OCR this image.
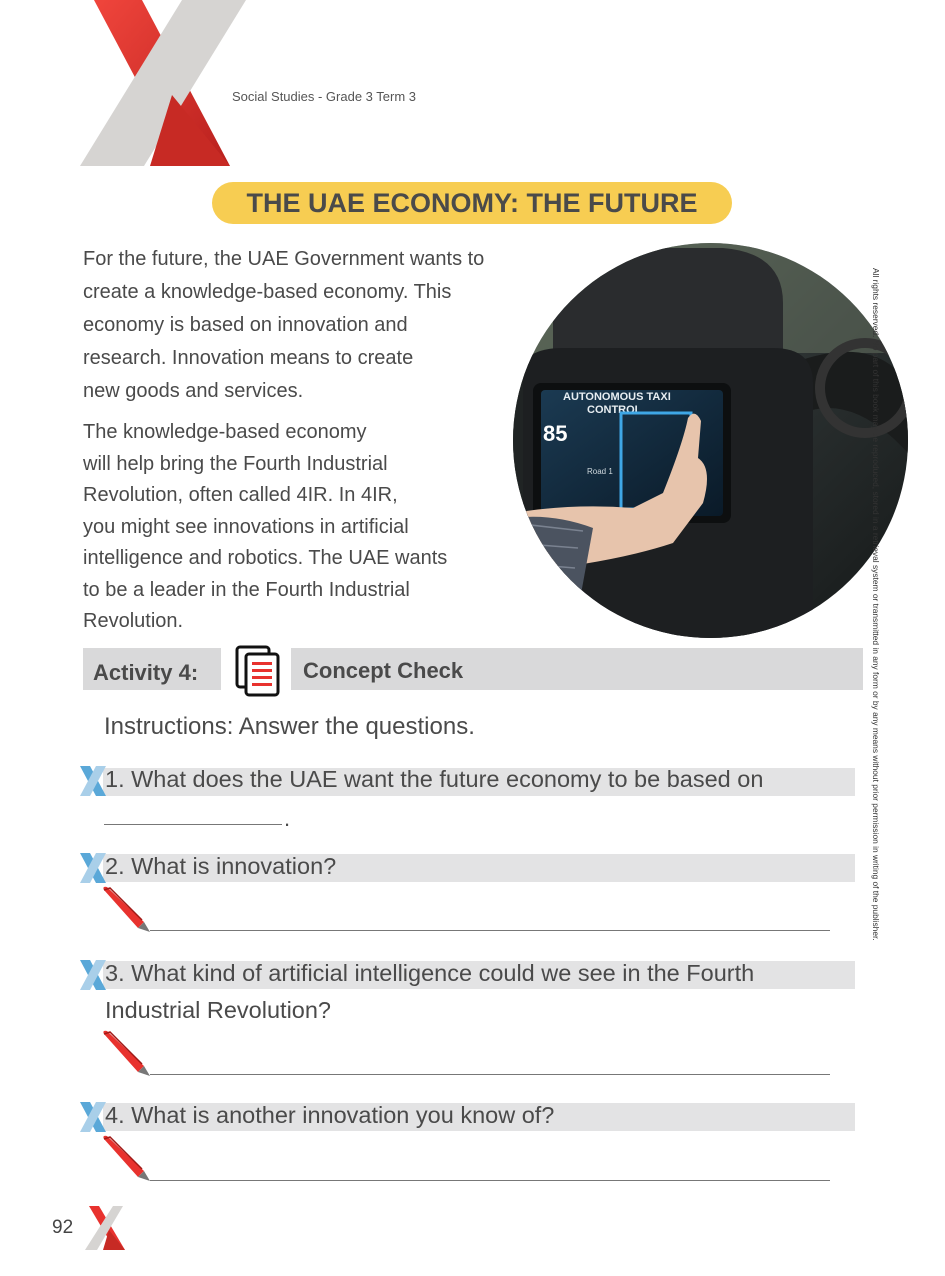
Social Studies - Grade 3 Term 3
THE UAE ECONOMY: THE FUTURE
For the future, the UAE Government wants to
create a knowledge-based economy. This
economy is based on innovation and
research. Innovation means to create
new goods and services.
The knowledge-based economy
will help bring the Fourth Industrial
Revolution, often called 4IR. In 4IR,
you might see innovations in artificial
intelligence and robotics. The UAE wants
to be a leader in the Fourth Industrial
Revolution.
AUTONOMOUS TAXI
CONTROL
85
Road 1	All rights reserved. No part of this book may be reproduced, stored in a retrieval system or transmitted in any form or by any means without prior permission in writing of the publisher.
Activity 4:	Concept Check
Instructions: Answer the questions.
1. What does the UAE want the future economy to be based on
.
2. What is innovation?
3. What kind of artificial intelligence could we see in the Fourth
Industrial Revolution?
4. What is another innovation you know of?
92
